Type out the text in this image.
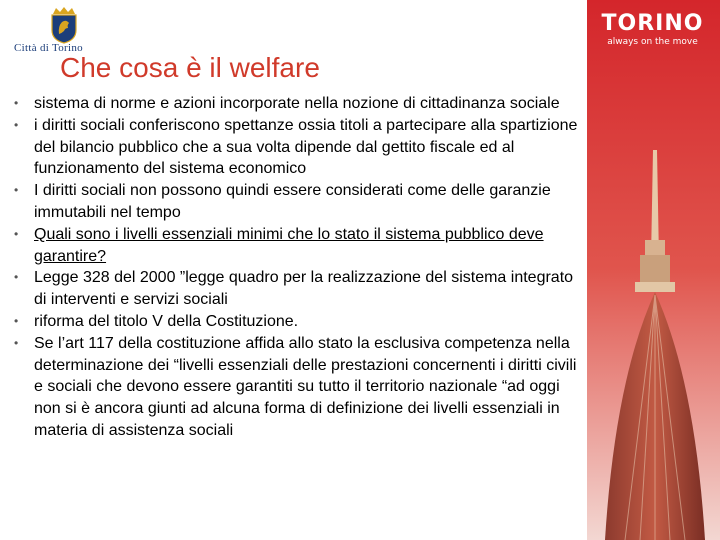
Città di Torino
TORINO
always on the move
Che cosa è il welfare
• sistema di norme e azioni incorporate nella nozione di cittadinanza sociale
• i diritti sociali conferiscono spettanze ossia titoli a partecipare alla spartizione del bilancio pubblico che a sua volta dipende dal gettito fiscale ed al funzionamento del sistema economico
• I diritti sociali non possono quindi essere considerati come delle garanzie immutabili nel tempo
• Quali sono i livelli essenziali minimi che lo stato il sistema pubblico deve garantire?
• Legge 328 del 2000 ”legge quadro per la realizzazione del sistema integrato di interventi e servizi sociali
• riforma del titolo V della Costituzione.
• Se l’art 117 della costituzione affida allo stato la esclusiva competenza nella determinazione dei “livelli essenziali delle prestazioni concernenti i diritti civili e sociali che devono essere garantiti su tutto il territorio nazionale “ad oggi non si è ancora giunti ad alcuna forma di definizione dei livelli essenziali in materia di assistenza sociali
